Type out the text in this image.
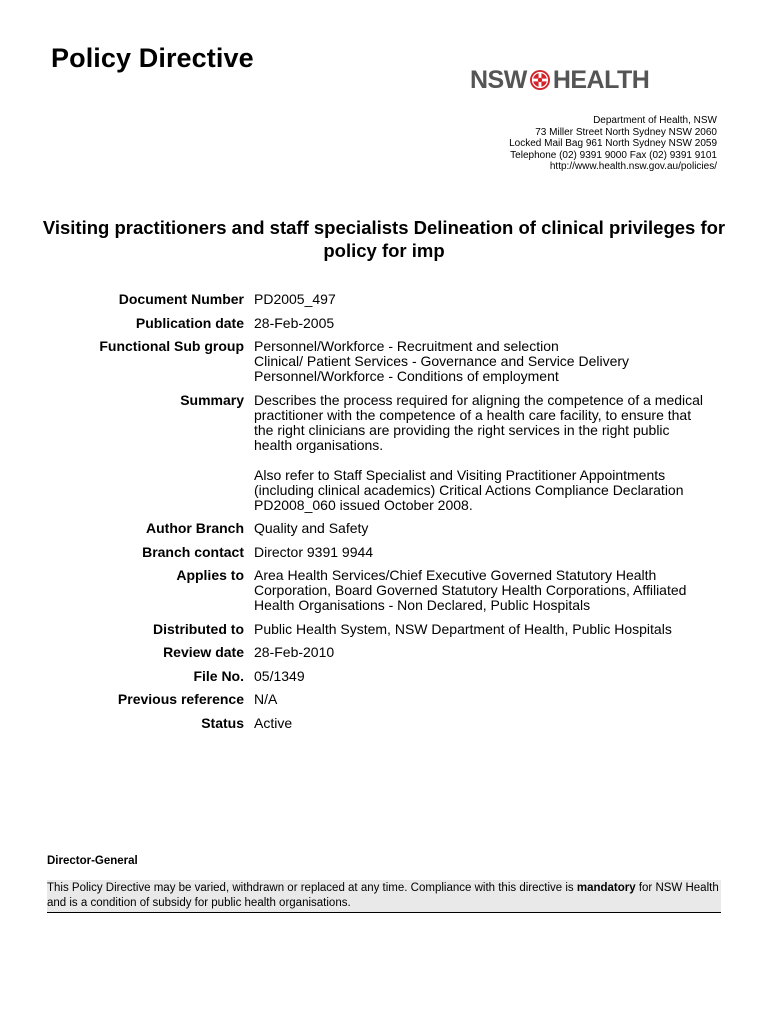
Policy Directive
NSW HEALTH
Department of Health, NSW
73 Miller Street North Sydney NSW 2060
Locked Mail Bag 961 North Sydney NSW 2059
Telephone (02) 9391 9000 Fax (02) 9391 9101
http://www.health.nsw.gov.au/policies/
Visiting practitioners and staff specialists Delineation of clinical privileges for policy for imp
Document Number PD2005_497
Publication date 28-Feb-2005
Functional Sub group Personnel/Workforce - Recruitment and selection
Clinical/ Patient Services - Governance and Service Delivery
Personnel/Workforce - Conditions of employment
Summary Describes the process required for aligning the competence of a medical
practitioner with the competence of a health care facility, to ensure that
the right clinicians are providing the right services in the right public
health organisations.
Also refer to Staff Specialist and Visiting Practitioner Appointments
(including clinical academics) Critical Actions Compliance Declaration
PD2008_060 issued October 2008.
Author Branch Quality and Safety
Branch contact Director 9391 9944
Applies to Area Health Services/Chief Executive Governed Statutory Health
Corporation, Board Governed Statutory Health Corporations, Affiliated
Health Organisations - Non Declared, Public Hospitals
Distributed to Public Health System, NSW Department of Health, Public Hospitals
Review date 28-Feb-2010
File No. 05/1349
Previous reference N/A
Status Active
Director-General
This Policy Directive may be varied, withdrawn or replaced at any time. Compliance with this directive is mandatory for NSW Health and is a condition of subsidy for public health organisations.
